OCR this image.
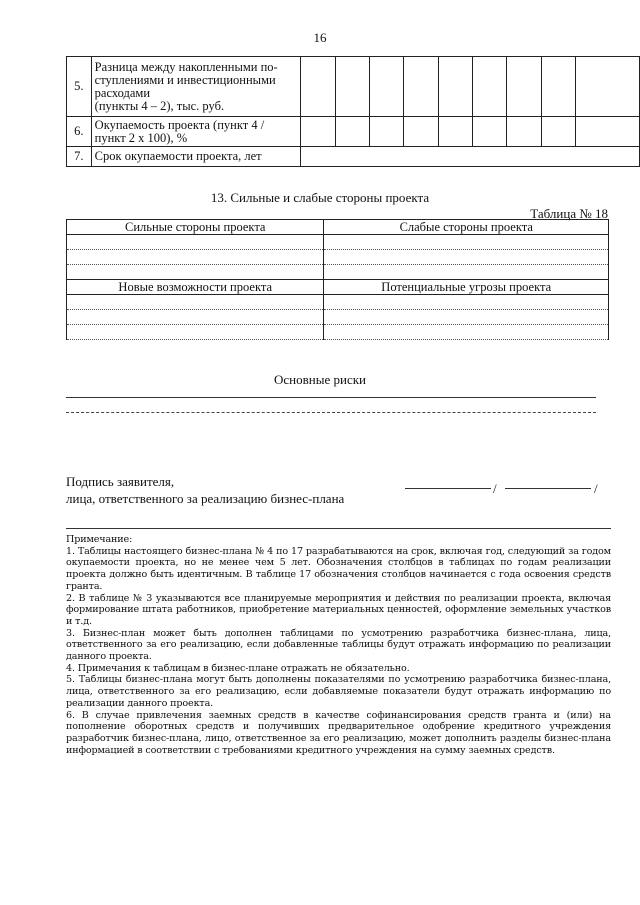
16
5.	Разница между накопленными по-
ступлениями и инвестиционными
расходами
(пункты 4 – 2), тыс. руб.									

6.	Окупаемость проекта (пункт 4 /
пункт 2 х 100), %									

7.	Срок окупаемости проекта, лет									

13. Сильные и слабые стороны проекта
Таблица № 18
Сильные стороны проекта	Слабые стороны проекта

Новые возможности проекта	Потенциальные угрозы проекта

Основные риски
Подпись заявителя,
лица, ответственного за реализацию бизнес-плана
/	/

Примечание:

1. Таблицы настоящего бизнес-плана № 4 по 17 разрабатываются на срок, включая год, следующий за годом окупаемости проекта, но не менее чем 5 лет. Обозначения столбцов в таблицах по годам реализации проекта должно быть идентичным. В таблице 17 обозначения столбцов начинается с года освоения средств гранта.

2. В таблице № 3 указываются все планируемые мероприятия и действия по реализации проекта, включая формирование штата работников, приобретение материальных ценностей, оформление земельных участков и т.д.

3. Бизнес-план может быть дополнен таблицами по усмотрению разработчика бизнес-плана, лица, ответственного за его реализацию, если добавленные таблицы будут отражать информацию по реализации данного проекта.

4. Примечания к таблицам в бизнес-плане отражать не обязательно.

5. Таблицы бизнес-плана могут быть дополнены показателями по усмотрению разработчика бизнес-плана, лица, ответственного за его реализацию, если добавляемые показатели будут отражать информацию по реализации данного проекта.

6. В случае привлечения заемных средств в качестве софинансирования средств гранта и (или) на пополнение оборотных средств и получивших предварительное одобрение кредитного учреждения разработчик бизнес-плана, лицо, ответственное за его реализацию, может дополнить разделы бизнес-плана информацией в соответствии с требованиями кредитного учреждения на сумму заемных средств.
